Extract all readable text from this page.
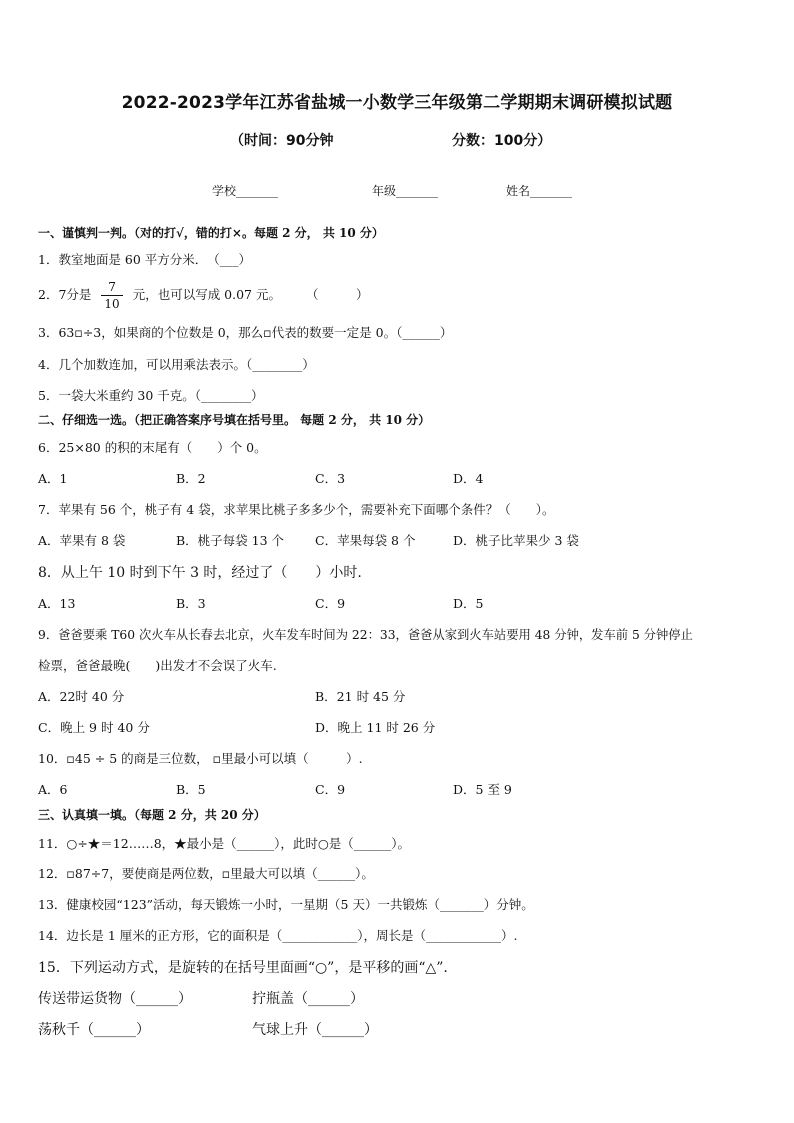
2022-2023学年江苏省盐城一小数学三年级第二学期期末调研模拟试题
（时间：90分钟	分数：100分）
学校_______	年级_______	姓名_______
一、谨慎判一判。（对的打√，错的打×。每题 2 分， 共 10 分）
1．教室地面是 60 平方分米．　（___）
2．7分是 $\frac{7}{10}$ 元，也可以写成 0.07 元。　　　（　　　）
3．63▫÷3，如果商的个位数是 0，那么▫代表的数要一定是 0。（______）
4．几个加数连加，可以用乘法表示。（________）
5．一袋大米重约 30 千克。（________）
二、仔细选一选。（把正确答案序号填在括号里。 每题 2 分， 共 10 分）
6．25×80 的积的末尾有（　　）个 0。
A．1	B．2	C．3	D．4
7．苹果有 56 个，桃子有 4 袋，求苹果比桃子多多少个，需要补充下面哪个条件？（　　）。
A．苹果有 8 袋	B．桃子每袋 13 个 C．苹果每袋 8 个	D．桃子比苹果少 3 袋
8．从上午 10 时到下午 3 时，经过了（　　）小时.
A．13	B．3	C．9	D．5
9．爸爸要乘 T60 次火车从长春去北京，火车发车时间为 22：33，爸爸从家到火车站要用 48 分钟，发车前 5 分钟停止
检票，爸爸最晚(　　)出发才不会误了火车.
A．22时 40 分	B．21 时 45 分
C．晚上 9 时 40 分	D．晚上 11 时 26 分
10．▫45 ÷ 5 的商是三位数， ▫里最小可以填（　　　）.
A．6	B．5	C．9	D．5 至 9
三、认真填一填。（每题 2 分，共 20 分）
11．○÷★＝12……8，★最小是（______），此时○是（______）。
12．▫87÷7，要使商是两位数，▫里最大可以填（______）。
13．健康校园“123”活动，每天锻炼一小时，一星期（5 天）一共锻炼（_______）分钟。
14．边长是 1 厘米的正方形，它的面积是（____________），周长是（____________）.
15．下列运动方式，是旋转的在括号里面画“○”，是平移的画“△”.
传送带运货物（______）	拧瓶盖（______）
荡秋千（______）	气球上升（______）
